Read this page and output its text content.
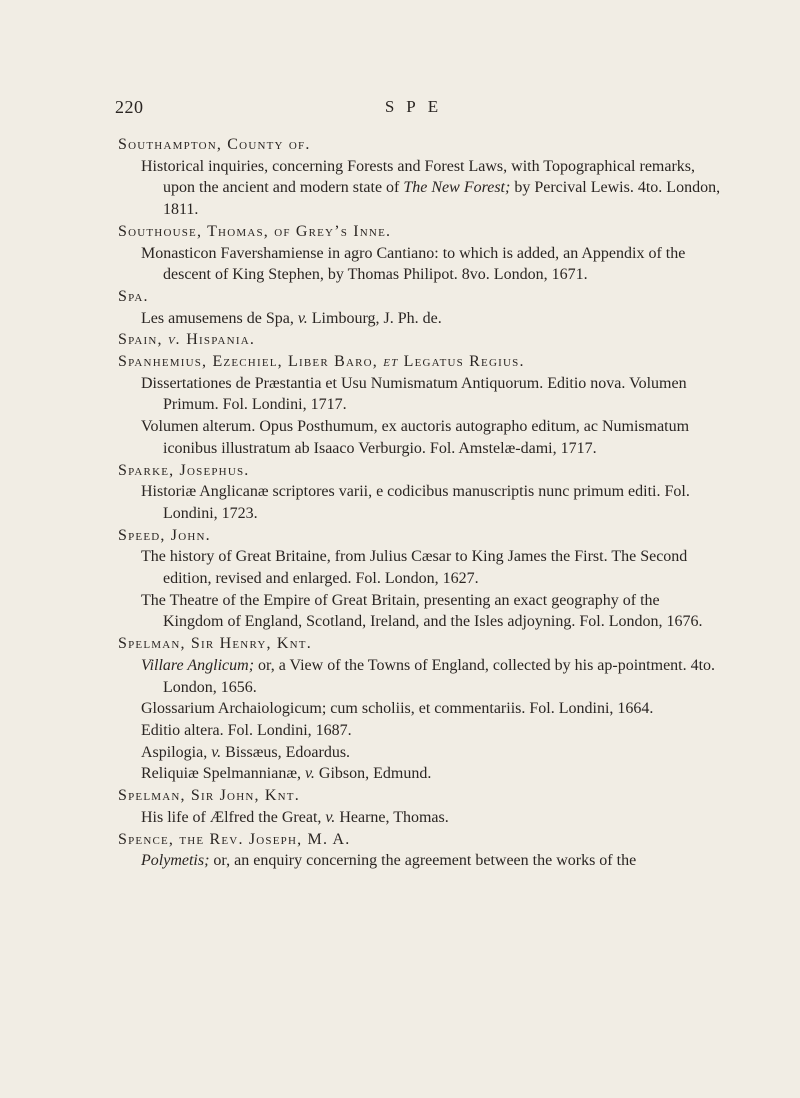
220	SPE
Southampton, County of.
Historical inquiries, concerning Forests and Forest Laws, with Topographical remarks, upon the ancient and modern state of The New Forest; by Percival Lewis. 4to. London, 1811.
Southouse, Thomas, of Grey’s Inne.
Monasticon Favershamiense in agro Cantiano: to which is added, an Appendix of the descent of King Stephen, by Thomas Philipot. 8vo. London, 1671.
Spa.
Les amusemens de Spa, v. Limbourg, J. Ph. de.
Spain, v. Hispania.
Spanhemius, Ezechiel, Liber Baro, et Legatus Regius.
Dissertationes de Præstantia et Usu Numismatum Antiquorum. Editio nova. Volumen Primum. Fol. Londini, 1717.
Volumen alterum. Opus Posthumum, ex auctoris autographo editum, ac Numismatum iconibus illustratum ab Isaaco Verburgio. Fol. Amstelæ-dami, 1717.
Sparke, Josephus.
Historiæ Anglicanæ scriptores varii, e codicibus manuscriptis nunc primum editi. Fol. Londini, 1723.
Speed, John.
The history of Great Britaine, from Julius Cæsar to King James the First. The Second edition, revised and enlarged. Fol. London, 1627.
The Theatre of the Empire of Great Britain, presenting an exact geography of the Kingdom of England, Scotland, Ireland, and the Isles adjoyning. Fol. London, 1676.
Spelman, Sir Henry, Knt.
Villare Anglicum; or, a View of the Towns of England, collected by his ap-pointment. 4to. London, 1656.
Glossarium Archaiologicum; cum scholiis, et commentariis. Fol. Londini, 1664.
Editio altera. Fol. Londini, 1687.
Aspilogia, v. Bissæus, Edoardus.
Reliquiæ Spelmannianæ, v. Gibson, Edmund.
Spelman, Sir John, Knt.
His life of Ælfred the Great, v. Hearne, Thomas.
Spence, the Rev. Joseph, M. A.
Polymetis; or, an enquiry concerning the agreement between the works of the
